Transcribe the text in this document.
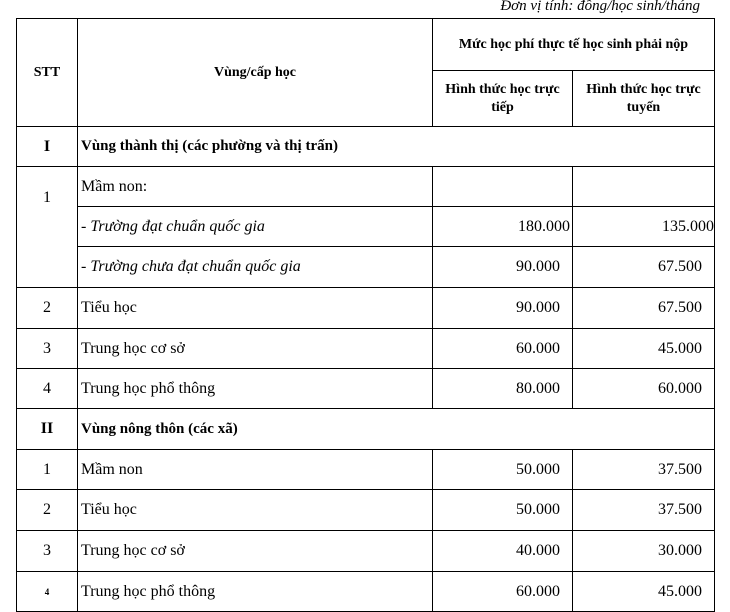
Đơn vị tính: đồng/học sinh/tháng
STT	Vùng/cấp học	Mức học phí thực tế học sinh phải nộp	
		Hình thức học trực tiếp	Hình thức học trực tuyến
I	Vùng thành thị (các phường và thị trấn)		
1	Mầm non:		
	- Trường đạt chuẩn quốc gia	180.000	135.000
	- Trường chưa đạt chuẩn quốc gia	90.000	67.500
2	Tiểu học	90.000	67.500
3	Trung học cơ sở	60.000	45.000
4	Trung học phổ thông	80.000	60.000
II	Vùng nông thôn (các xã)		
1	Mầm non	50.000	37.500
2	Tiểu học	50.000	37.500
3	Trung học cơ sở	40.000	30.000
4	Trung học phổ thông	60.000	45.000
